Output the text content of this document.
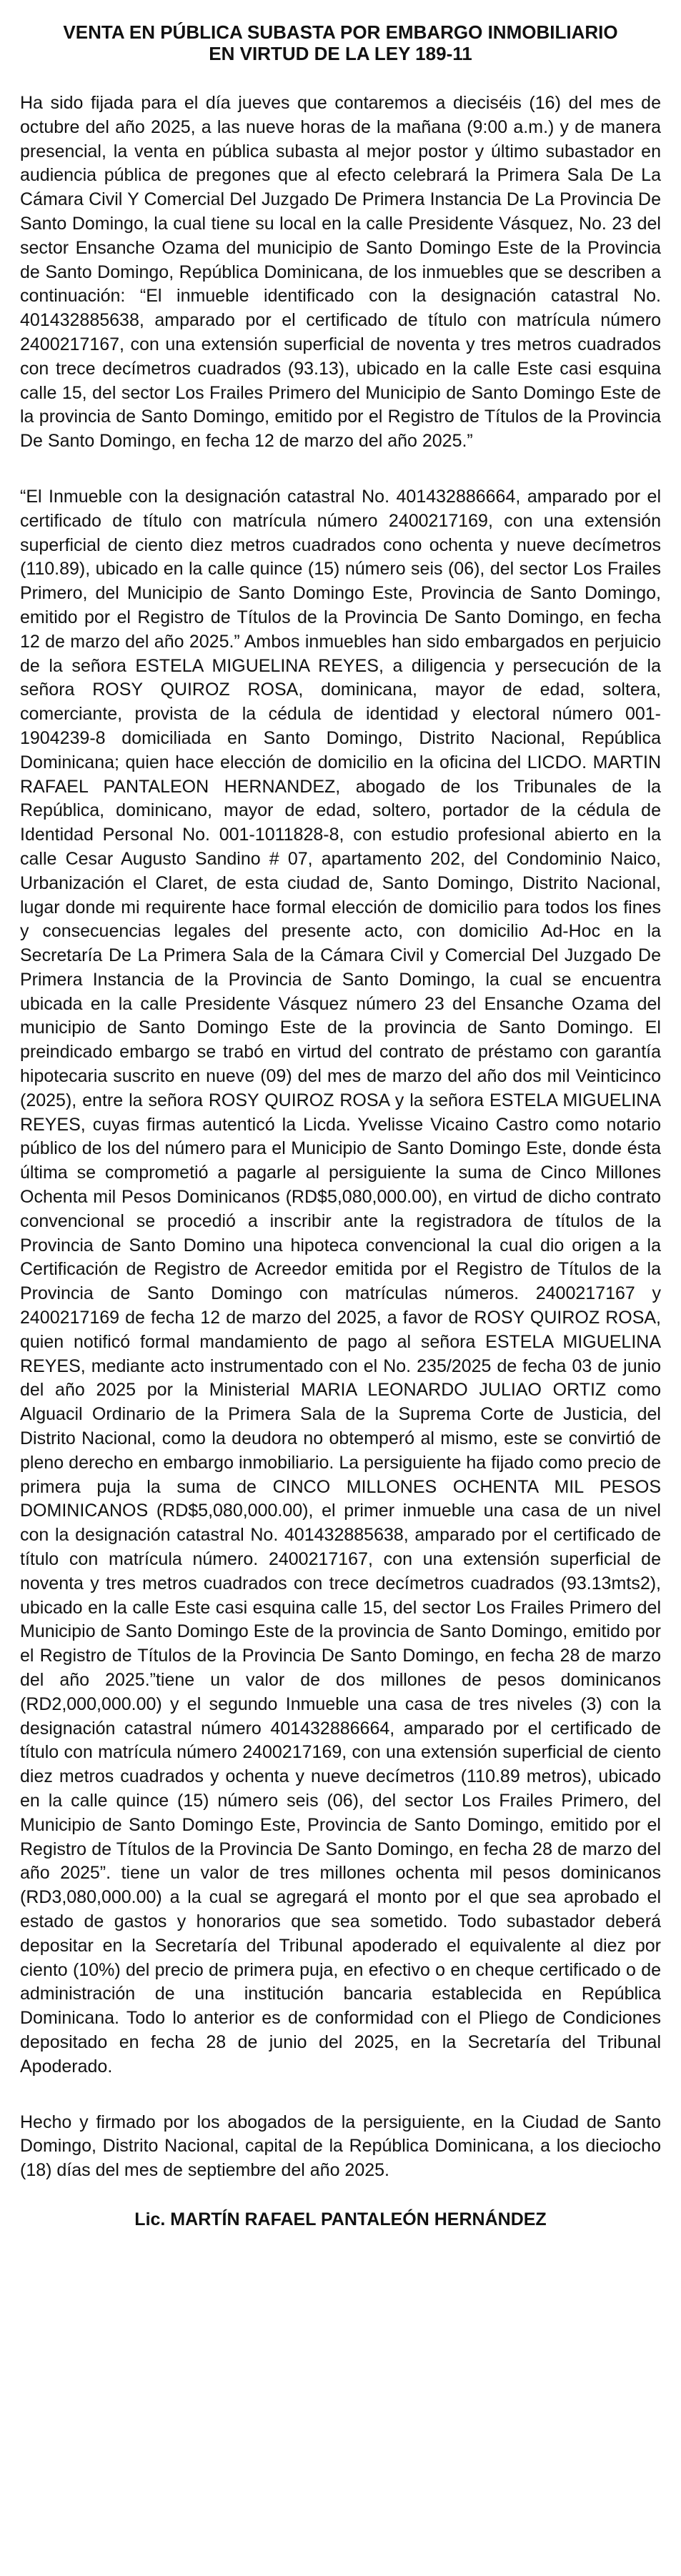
VENTA EN PÚBLICA SUBASTA POR EMBARGO INMOBILIARIO
EN VIRTUD DE LA LEY 189-11

Ha sido fijada para el día jueves que contaremos a dieciséis (16) del mes de octubre del año 2025, a las nueve horas de la mañana (9:00 a.m.) y de manera presencial, la venta en pública subasta al mejor postor y último subastador en audiencia pública de pregones que al efecto celebrará la Primera Sala De La Cámara Civil Y Comercial Del Juzgado De Primera Instancia De La Provincia De Santo Domingo, la cual tiene su local en la calle Presidente Vásquez, No. 23 del sector Ensanche Ozama del municipio de Santo Domingo Este de la Provincia de Santo Domingo, República Dominicana, de los inmuebles que se describen a continuación: “El inmueble identificado con la designación catastral No. 401432885638, amparado por el certificado de título con matrícula número 2400217167, con una extensión superficial de noventa y tres metros cuadrados con trece decímetros cuadrados (93.13), ubicado en la calle Este casi esquina calle 15, del sector Los Frailes Primero del Municipio de Santo Domingo Este de la provincia de Santo Domingo, emitido por el Registro de Títulos de la Provincia De Santo Domingo, en fecha 12 de marzo del año 2025.”

“El Inmueble con la designación catastral No. 401432886664, amparado por el certificado de título con matrícula número 2400217169, con una extensión superficial de ciento diez metros cuadrados cono ochenta y nueve decímetros (110.89), ubicado en la calle quince (15) número seis (06), del sector Los Frailes Primero, del Municipio de Santo Domingo Este, Provincia de Santo Domingo, emitido por el Registro de Títulos de la Provincia De Santo Domingo, en fecha 12 de marzo del año 2025.” Ambos inmuebles han sido embargados en perjuicio de la señora ESTELA MIGUELINA REYES, a diligencia y persecución de la señora ROSY QUIROZ ROSA, dominicana, mayor de edad, soltera, comerciante, provista de la cédula de identidad y electoral número 001-1904239-8 domiciliada en Santo Domingo, Distrito Nacional, República Dominicana; quien hace elección de domicilio en la oficina del LICDO. MARTIN RAFAEL PANTALEON HERNANDEZ, abogado de los Tribunales de la República, dominicano, mayor de edad, soltero, portador de la cédula de Identidad Personal No. 001-1011828-8, con estudio profesional abierto en la calle Cesar Augusto Sandino # 07, apartamento 202, del Condominio Naico, Urbanización el Claret, de esta ciudad de, Santo Domingo, Distrito Nacional, lugar donde mi requirente hace formal elección de domicilio para todos los fines y consecuencias legales del presente acto, con domicilio Ad-Hoc en la Secretaría De La Primera Sala de la Cámara Civil y Comercial Del Juzgado De Primera Instancia de la Provincia de Santo Domingo, la cual se encuentra ubicada en la calle Presidente Vásquez número 23 del Ensanche Ozama del municipio de Santo Domingo Este de la provincia de Santo Domingo. El preindicado embargo se trabó en virtud del contrato de préstamo con garantía hipotecaria suscrito en nueve (09) del mes de marzo del año dos mil Veinticinco (2025), entre la señora ROSY QUIROZ ROSA y la señora ESTELA MIGUELINA REYES, cuyas firmas autenticó la Licda. Yvelisse Vicaino Castro como notario público de los del número para el Municipio de Santo Domingo Este, donde ésta última se comprometió a pagarle al persiguiente la suma de Cinco Millones Ochenta mil Pesos Dominicanos (RD$5,080,000.00), en virtud de dicho contrato convencional se procedió a inscribir ante la registradora de títulos de la Provincia de Santo Domino una hipoteca convencional la cual dio origen a la Certificación de Registro de Acreedor emitida por el Registro de Títulos de la Provincia de Santo Domingo con matrículas números. 2400217167 y 2400217169 de fecha 12 de marzo del 2025, a favor de ROSY QUIROZ ROSA, quien notificó formal mandamiento de pago al señora ESTELA MIGUELINA REYES, mediante acto instrumentado con el No. 235/2025 de fecha 03 de junio del año 2025 por la Ministerial MARIA LEONARDO JULIAO ORTIZ como Alguacil Ordinario de la Primera Sala de la Suprema Corte de Justicia, del Distrito Nacional, como la deudora no obtemperó al mismo, este se convirtió de pleno derecho en embargo inmobiliario. La persiguiente ha fijado como precio de primera puja la suma de CINCO MILLONES OCHENTA MIL PESOS DOMINICANOS (RD$5,080,000.00), el primer inmueble una casa de un nivel con la designación catastral No. 401432885638, amparado por el certificado de título con matrícula número. 2400217167, con una extensión superficial de noventa y tres metros cuadrados con trece decímetros cuadrados (93.13mts2), ubicado en la calle Este casi esquina calle 15, del sector Los Frailes Primero del Municipio de Santo Domingo Este de la provincia de Santo Domingo, emitido por el Registro de Títulos de la Provincia De Santo Domingo, en fecha 28 de marzo del año 2025.”tiene un valor de dos millones de pesos dominicanos (RD2,000,000.00) y el segundo Inmueble una casa de tres niveles (3) con la designación catastral número 401432886664, amparado por el certificado de título con matrícula número 2400217169, con una extensión superficial de ciento diez metros cuadrados y ochenta y nueve decímetros (110.89 metros), ubicado en la calle quince (15) número seis (06), del sector Los Frailes Primero, del Municipio de Santo Domingo Este, Provincia de Santo Domingo, emitido por el Registro de Títulos de la Provincia De Santo Domingo, en fecha 28 de marzo del año 2025”. tiene un valor de tres millones ochenta mil pesos dominicanos (RD3,080,000.00) a la cual se agregará el monto por el que sea aprobado el estado de gastos y honorarios que sea sometido. Todo subastador deberá depositar en la Secretaría del Tribunal apoderado el equivalente al diez por ciento (10%) del precio de primera puja, en efectivo o en cheque certificado o de administración de una institución bancaria establecida en República Dominicana. Todo lo anterior es de conformidad con el Pliego de Condiciones depositado en fecha 28 de junio del 2025, en la Secretaría del Tribunal Apoderado.

Hecho y firmado por los abogados de la persiguiente, en la Ciudad de Santo Domingo, Distrito Nacional, capital de la República Dominicana, a los dieciocho (18) días del mes de septiembre del año 2025.

Lic. MARTÍN RAFAEL PANTALEÓN HERNÁNDEZ
